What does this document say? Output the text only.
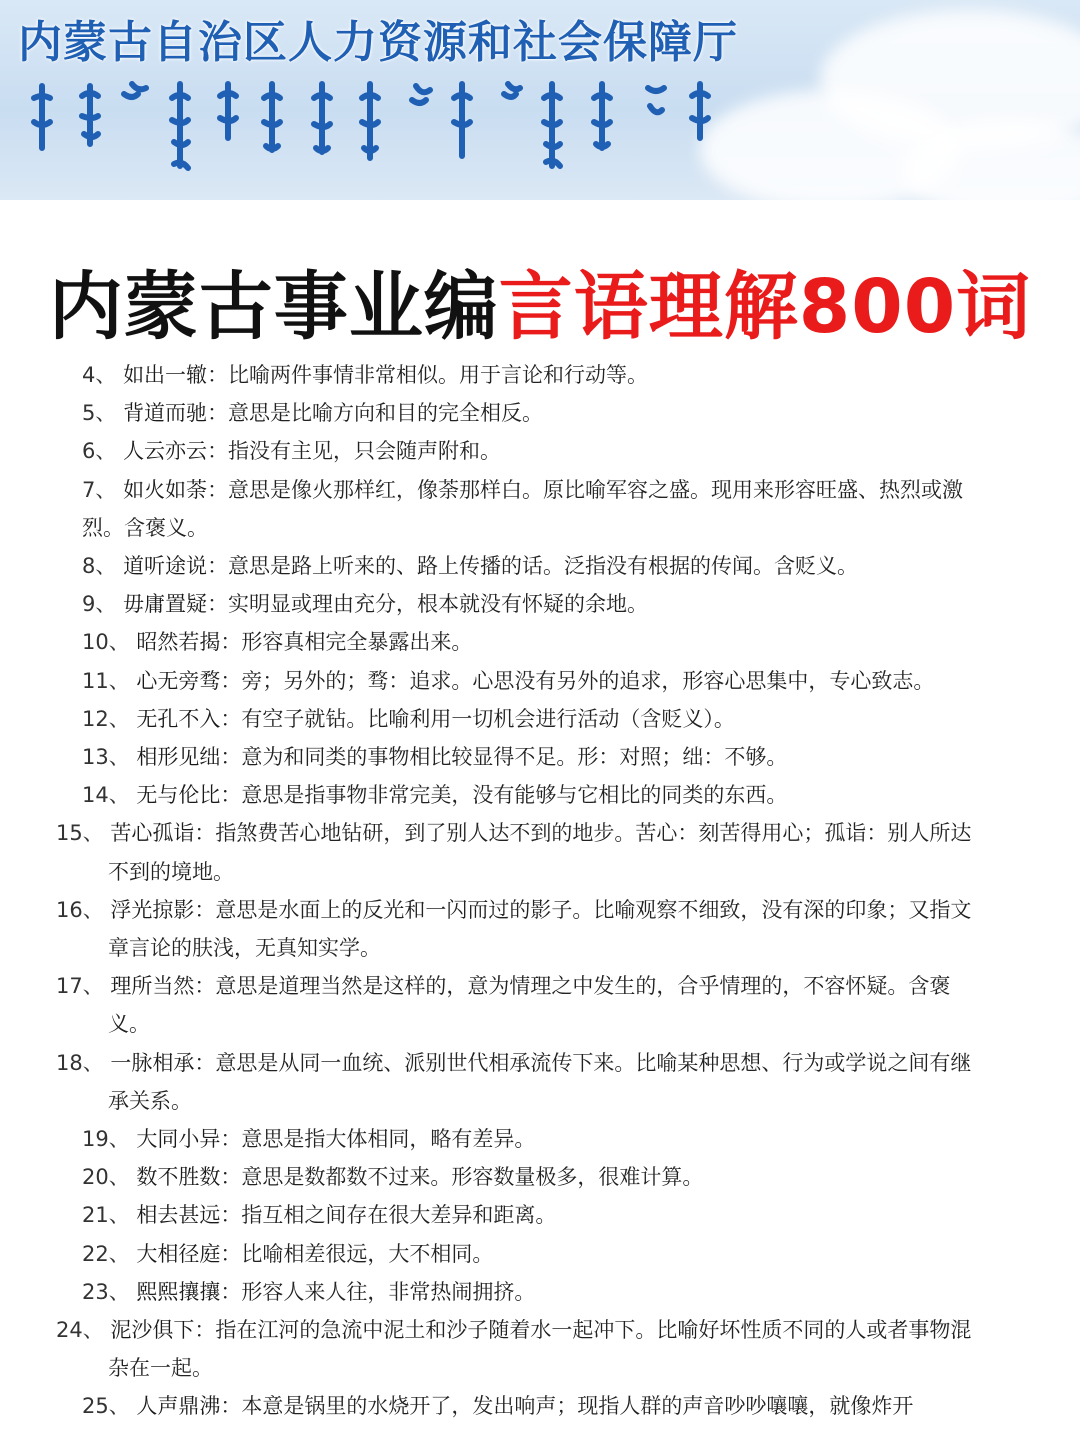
内蒙古自治区人力资源和社会保障厅
内蒙古事业编言语理解800词

4、 如出一辙：比喻两件事情非常相似。用于言论和行动等。

5、 背道而驰：意思是比喻方向和目的完全相反。

6、 人云亦云：指没有主见，只会随声附和。

7、 如火如荼：意思是像火那样红，像荼那样白。原比喻军容之盛。现用来形容旺盛、热烈或激烈。含褒义。

8、 道听途说：意思是路上听来的、路上传播的话。泛指没有根据的传闻。含贬义。

9、 毋庸置疑：实明显或理由充分，根本就没有怀疑的余地。

10、 昭然若揭：形容真相完全暴露出来。

11、 心无旁骛：旁；另外的；骛：追求。心思没有另外的追求，形容心思集中，专心致志。

12、 无孔不入：有空子就钻。比喻利用一切机会进行活动（含贬义）。

13、 相形见绌：意为和同类的事物相比较显得不足。形：对照；绌：不够。

14、 无与伦比：意思是指事物非常完美，没有能够与它相比的同类的东西。

15、 苦心孤诣：指煞费苦心地钻研，到了别人达不到的地步。苦心：刻苦得用心；孤诣：别人所达不到的境地。

16、 浮光掠影：意思是水面上的反光和一闪而过的影子。比喻观察不细致，没有深的印象；又指文章言论的肤浅，无真知实学。

17、 理所当然：意思是道理当然是这样的，意为情理之中发生的，合乎情理的，不容怀疑。含褒义。

18、 一脉相承：意思是从同一血统、派别世代相承流传下来。比喻某种思想、行为或学说之间有继承关系。

19、 大同小异：意思是指大体相同，略有差异。

20、 数不胜数：意思是数都数不过来。形容数量极多，很难计算。

21、 相去甚远：指互相之间存在很大差异和距离。

22、 大相径庭：比喻相差很远，大不相同。

23、 熙熙攘攘：形容人来人往，非常热闹拥挤。

24、 泥沙俱下：指在江河的急流中泥土和沙子随着水一起冲下。比喻好坏性质不同的人或者事物混杂在一起。

25、 人声鼎沸：本意是锅里的水烧开了，发出响声；现指人群的声音吵吵嚷嚷，就像炸开
